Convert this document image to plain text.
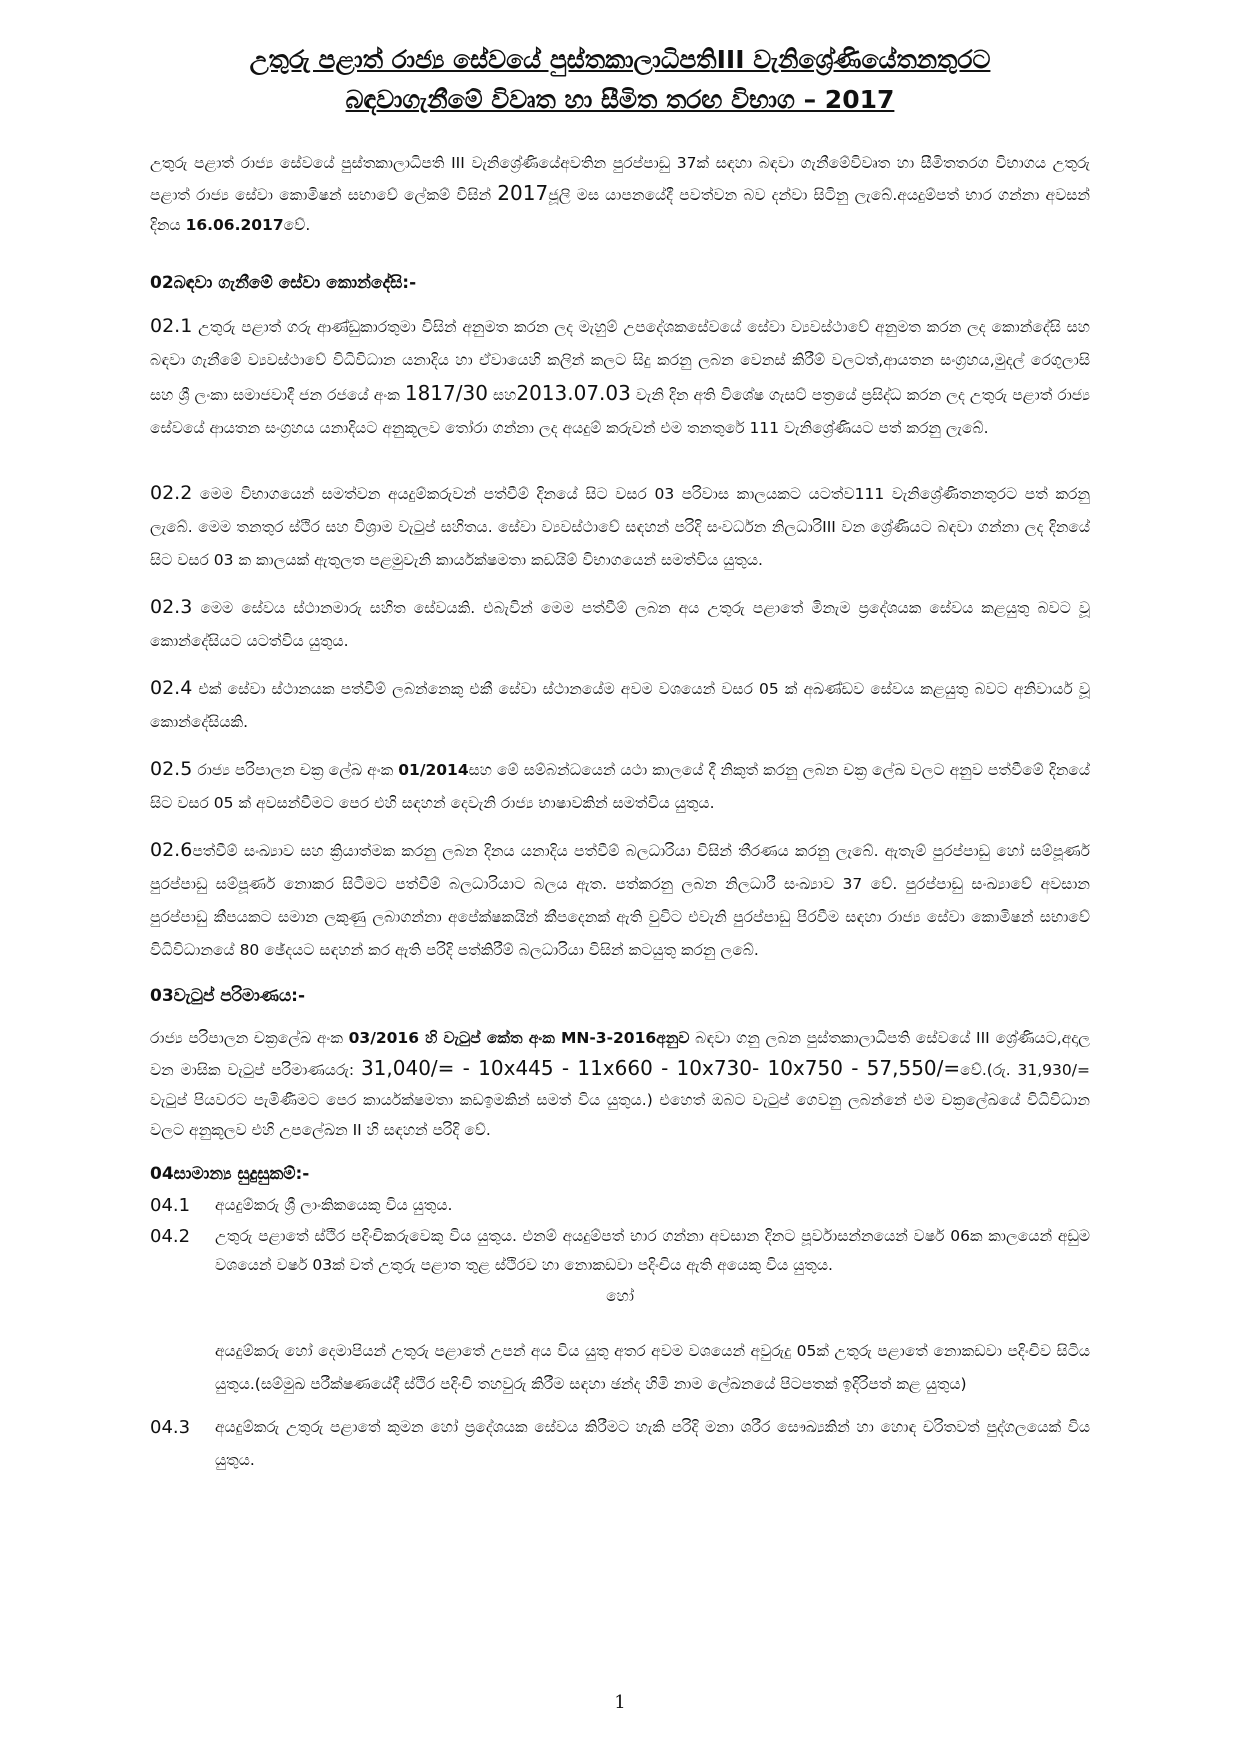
උතුරු පළාත් රාජ්‍ය සේවයේ පුස්තකාලාධිපතිIII වැනිශ්‍රේණියේතනතුරට

බඳවාගැනීමේ විවෘත හා සීමිත තරඟ විභාග – 2017

උතුරු පළාත් රාජ්‍ය සේවයේ පුස්තකාලාධිපති III වැනිශ්‍රේණියේඅවතින පුරප්පාඩු 37ක් සඳහා බඳවා ගැනීමේවිවෘත හා සීමිතතරග විභාගය උතුරු පළාත් රාජ්‍ය සේවා කොමිෂන් සභාවේ ලේකම් විසින් 2017ජූලි මස යාපනයේදී පවත්වන බව දන්වා සිටිනු ලැබේ.අයදුම්පත් භාර ගන්නා අවසන් දිනය 16.06.2017වේ.

02බඳවා ගැනීමේ සේවා කොන්දේසි:-

02.1 උතුරු පළාත් ගරු ආණ්ඩුකාරතුමා විසින් අනුමත කරන ලද මැහුම් උපදේශකසේවයේ සේවා ව්‍යවස්ථාවේ අනුමත කරන ලද කොන්දේසි සහ බඳවා ගැනීමේ ව්‍යවස්ථාවේ විධිවිධාන යනාදිය හා ඒවායෙහි කලින් කලට සිදු කරනු ලබන වෙනස් කිරීම් වලටත්,ආයතන සංග්‍රහය,මුදල් රෙගුලාසි සහ ශ්‍රී ලංකා සමාජවාදී ජන රජයේ අංක 1817/30 සහ2013.07.03 වැනි දින අති විශේෂ ගැසට් පත්‍රයේ ප්‍රසිද්ධ කරන ලද උතුරු පළාත් රාජ්‍ය සේවයේ ආයතන සංග්‍රහය යනාදියට අනුකූලව තෝරා ගන්නා ලද අයදුම් කරුවන් එම තනතුරේ 111 වැනිශ්‍රේණියට පත් කරනු ලැබේ.

02.2 මෙම විභාගයෙන් සමත්වන අයදුම්කරුවන් පත්වීම් දිනයේ සිට වසර 03 පරිවාස කාලයකට යටත්ව111 වැනිශ්‍රේණිතනතුරට පත් කරනු ලැබේ. මෙම තනතුර ස්ථිර සහ විශ්‍රාම වැටුප් සහිතය. සේවා ව්‍යවස්ථාවේ සඳහන් පරිදි සංවර්ධන නිලධාරිIII වන ශ්‍රේණියට බඳවා ගන්නා ලද දිනයේ සිට වසර 03 ක කාලයක් ඇතුලත පළමුවැනි කාර්යක්ෂමතා කඩයිම් විභාගයෙන් සමත්විය යුතුය.

02.3 මෙම සේවය ස්ථානමාරු සහිත සේවයකි. එබැවින් මෙම පත්වීම් ලබන අය උතුරු පළාතේ මිනැම ප්‍රදේශයක සේවය කළයුතු බවට වූ කොන්දේසියට යටත්විය යුතුය.

02.4 එක් සේවා ස්ථානයක පත්වීම් ලබන්නෙකු එකී සේවා ස්ථානයේම අවම වශයෙන් වසර 05 ක් අඛණ්ඩව සේවය කළයුතු බවට අනිවාර්ය වූ කොන්දේසියකි.

02.5 රාජ්‍ය පරිපාලන චක්‍ර ලේඛ අංක 01/2014සහ මේ සම්බන්ධයෙන් යථා කාලයේ දී නිකුත් කරනු ලබන චක්‍ර ලේඛ වලට අනුව පත්වීමේ දිනයේ සිට වසර 05 ක් අවසන්වීමට පෙර එහි සඳහන් දෙවැනි රාජ්‍ය භාෂාවකින් සමත්විය යුතුය.

02.6පත්වීම් සංඛ්‍යාව සහ ක්‍රියාත්මක කරනු ලබන දිනය යනාදිය පත්වීම් බලධාරියා විසින් තීරණය කරනු ලැබේ. ඇතැම් පුරප්පාඩු හෝ සම්පූර්ණ පුරප්පාඩු සම්පූර්ණ නොකර සිටීමට පත්වීම් බලධාරියාට බලය ඇත. පත්කරනු ලබන නිලධාරී සංඛ්‍යාව 37 වේ. පුරප්පාඩු සංඛ්‍යාවේ අවසාන පුරප්පාඩු කීපයකට සමාන ලකුණු ලබාගන්නා අපේක්ෂකයින් කීපදෙනක් ඇති වුවිට එවැනි පුරප්පාඩු පිරවීම සඳහා රාජ්‍ය සේවා කොමිෂන් සභාවේ විධිවිධානයේ 80 ඡේදයට සඳහන් කර ඇති පරිදි පත්කිරීම් බලධාරියා විසින් කටයුතු කරනු ලබේ.

03වැටුප් පරිමාණය:-

රාජ්‍ය පරිපාලන චක්‍රලේඛ අංක 03/2016 හි වැටුප් කේත අංක MN-3-2016අනුව බඳවා ගනු ලබන පුස්තකාලාධිපති සේවයේ III ශ්‍රේණියට,අදාල වන මාසික වැටුප් පරිමාණයරු: 31,040/= - 10x445 - 11x660 - 10x730- 10x750 - 57,550/=වේ.(රු. 31,930/= වැටුප් පියවරට පැමිණීමට පෙර කාර්යක්ෂමතා කඩඉමකින් සමත් විය යුතුය.) එහෙත් ඔබට වැටුප් ගෙවනු ලබන්නේ එම චක්‍රලේඛයේ විධිවිධාන වලට අනුකූලව එහි උපලේඛන II හි සඳහන් පරිදි වේ.

04සාමාන්‍ය සුදුසුකම්:-
04.1	අයදුම්කරු ශ්‍රී ලාංකිකයෙකු විය යුතුය.
04.2	උතුරු පළාතේ ස්ථිර පදිංචිකරුවෙකු විය යුතුය. එනම් අයදුම්පත් භාර ගන්නා අවසාන දිනට පූර්වාසන්නයෙන් වර්ෂ 06ක කාලයෙන් අඩුම වශයෙන් වර්ෂ 03ක් වත් උතුරු පළාත තුළ ස්ථිරව හා නොකඩවා පදිංචිය ඇති අයෙකු විය යුතුය.
හෝ

අයදුම්කරු හෝ දෙමාපියන් උතුරු පළාතේ උපන් අය විය යුතු අතර අවම වශයෙන් අවුරුදු 05ක් උතුරු පළාතේ නොකඩවා පදිංචිව සිටිය යුතුය.(සම්මුඛ පරීක්ෂණයේදී ස්ථිර පදිංචි තහවුරු කිරීම සඳහා ඡන්ද හිමි නාම ලේඛනයේ පිටපතක් ඉදිරිපත් කළ යුතුය)

04.3	අයදුම්කරු උතුරු පළාතේ කුමන හෝ ප්‍රදේශයක සේවය කිරීමට හැකි පරිදි මනා ශරීර සෞඛ්‍යකින් හා හොඳ චරිතවත් පුද්ගලයෙක් විය යුතුය.
1
